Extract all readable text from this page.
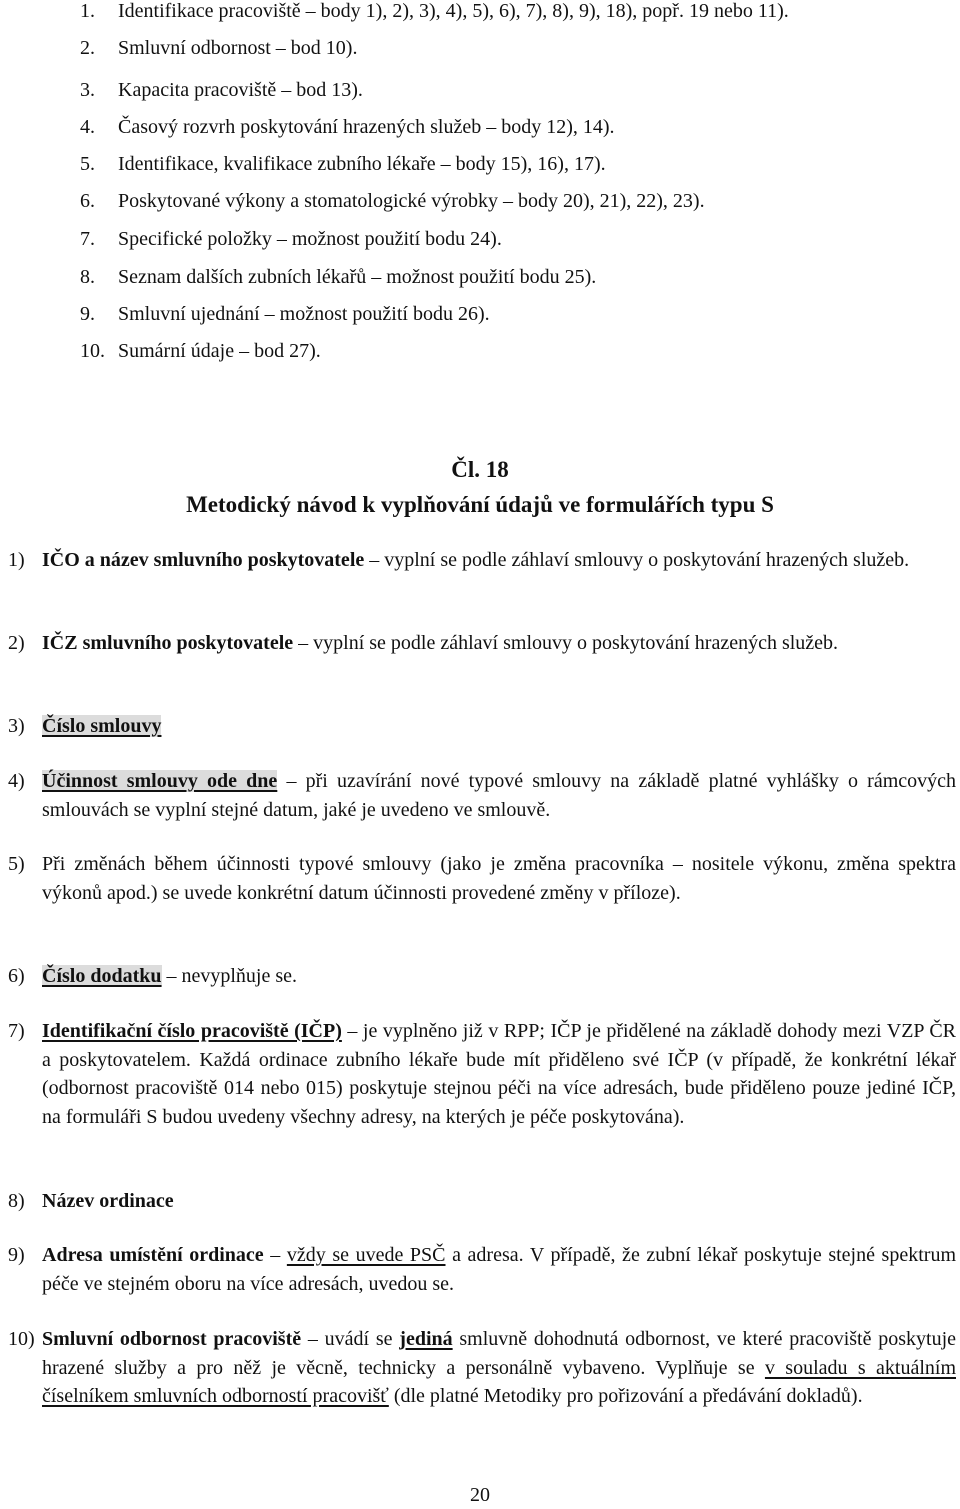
1.	Identifikace pracoviště – body 1), 2), 3), 4), 5), 6), 7), 8), 9), 18), popř. 19 nebo 11).
2.	Smluvní odbornost – bod 10).
3.	Kapacita pracoviště – bod 13).
4.	Časový rozvrh poskytování hrazených služeb – body 12), 14).
5.	Identifikace, kvalifikace zubního lékaře – body 15), 16), 17).
6.	Poskytované výkony a stomatologické výrobky – body 20), 21), 22), 23).
7.	Specifické položky – možnost použití bodu 24).
8.	Seznam dalších zubních lékařů – možnost použití bodu 25).
9.	Smluvní ujednání – možnost použití bodu 26).
10. Sumární údaje – bod 27).
Čl. 18
Metodický návod k vyplňování údajů ve formulářích typu S
1) IČO a název smluvního poskytovatele – vyplní se podle záhlaví smlouvy o poskytování hrazených služeb.
2) IČZ smluvního poskytovatele – vyplní se podle záhlaví smlouvy o poskytování hrazených služeb.
3) Číslo smlouvy
4) Účinnost smlouvy ode dne – při uzavírání nové typové smlouvy na základě platné vyhlášky o rámcových smlouvách se vyplní stejné datum, jaké je uvedeno ve smlouvě.
5) Při změnách během účinnosti typové smlouvy (jako je změna pracovníka – nositele výkonu, změna spektra výkonů apod.) se uvede konkrétní datum účinnosti provedené změny v příloze).
6) Číslo dodatku – nevyplňuje se.
7) Identifikační číslo pracoviště (IČP) – je vyplněno již v RPP; IČP je přidělené na základě dohody mezi VZP ČR a poskytovatelem. Každá ordinace zubního lékaře bude mít přiděleno své IČP (v případě, že konkrétní lékař (odbornost pracoviště 014 nebo 015) poskytuje stejnou péči na více adresách, bude přiděleno pouze jediné IČP, na formuláři S budou uvedeny všechny adresy, na kterých je péče poskytována).
8) Název ordinace
9) Adresa umístění ordinace – vždy se uvede PSČ a adresa. V případě, že zubní lékař poskytuje stejné spektrum péče ve stejném oboru na více adresách, uvedou se.
10) Smluvní odbornost pracoviště – uvádí se jediná smluvně dohodnutá odbornost, ve které pracoviště poskytuje hrazené služby a pro něž je věcně, technicky a personálně vybaveno. Vyplňuje se v souladu s aktuálním číselníkem smluvních odborností pracovišť (dle platné Metodiky pro pořizování a předávání dokladů).
20
